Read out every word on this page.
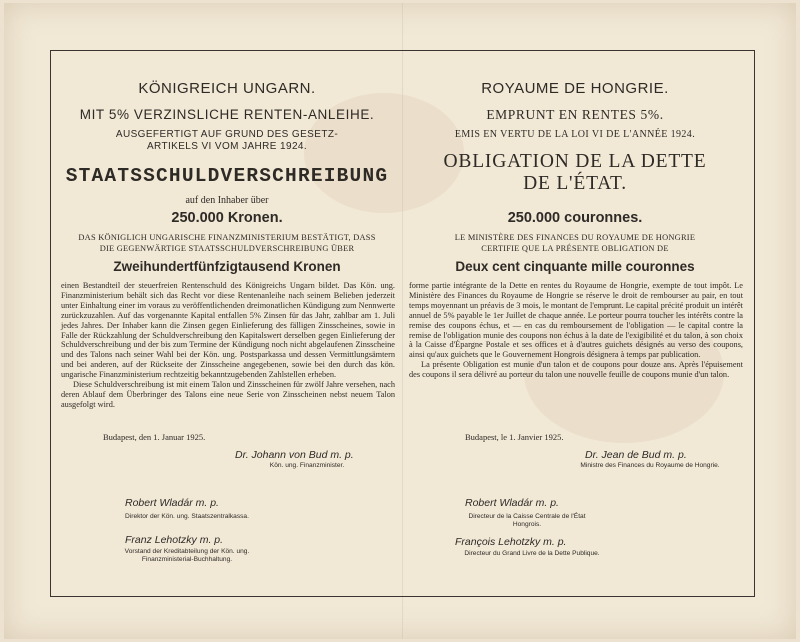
KÖNIGREICH UNGARN.
MIT 5% VERZINSLICHE RENTEN-ANLEIHE.
AUSGEFERTIGT AUF GRUND DES GESETZ-
ARTIKELS VI VOM JAHRE 1924.
STAATSSCHULDVERSCHREIBUNG
auf den Inhaber über
250.000 Kronen.
DAS KÖNIGLICH UNGARISCHE FINANZMINISTERIUM BESTÄTIGT, DASS
DIE GEGENWÄRTIGE STAATSSCHULDVERSCHREIBUNG ÜBER
Zweihundertfünfzigtausend Kronen

einen Bestandteil der steuerfreien Rentenschuld des Königreichs Ungarn bildet. Das Kön. ung. Finanzministerium behält sich das Recht vor diese Rentenanleihe nach seinem Belieben jederzeit unter Einhaltung einer im voraus zu veröffentlichenden dreimonatlichen Kündigung zum Nennwerte zurückzuzahlen. Auf das vorgenannte Kapital entfallen 5% Zinsen für das Jahr, zahlbar am 1. Juli jedes Jahres. Der Inhaber kann die Zinsen gegen Einlieferung des fälligen Zinsscheines, sowie in Falle der Rückzahlung der Schuldverschreibung den Kapitalswert derselben gegen Einlieferung der Schuldverschreibung und der bis zum Termine der Kündigung noch nicht abgelaufenen Zinsscheine und des Talons nach seiner Wahl bei der Kön. ung. Postsparkassa und dessen Vermittlungsämtern und bei anderen, auf der Rückseite der Zinsscheine angegebenen, sowie bei den durch das kön. ungarische Finanzministerium rechtzeitig bekanntzugebenden Zahlstellen erheben.

Diese Schuldverschreibung ist mit einem Talon und Zinsscheinen für zwölf Jahre versehen, nach deren Ablauf dem Überbringer des Talons eine neue Serie von Zinsscheinen nebst neuem Talon ausgefolgt wird.

Budapest, den 1. Januar 1925.
Dr. Johann von Bud m. p.
Kön. ung. Finanzminister.
Robert Wladár m. p.
Direktor der Kön. ung. Staatszentralkassa.
Franz Lehotzky m. p.
Vorstand der Kreditabteilung der Kön. ung.
Finanzministerial-Buchhaltung.
ROYAUME DE HONGRIE.
EMPRUNT EN RENTES 5%.
EMIS EN VERTU DE LA LOI VI DE L'ANNÉE 1924.
OBLIGATION DE LA DETTE
DE L'ÉTAT.
250.000 couronnes.
LE MINISTÈRE DES FINANCES DU ROYAUME DE HONGRIE
CERTIFIE QUE LA PRÉSENTE OBLIGATION DE
Deux cent cinquante mille couronnes

forme partie intégrante de la Dette en rentes du Royaume de Hongrie, exempte de tout impôt. Le Ministère des Finances du Royaume de Hongrie se réserve le droit de rembourser au pair, en tout temps moyennant un préavis de 3 mois, le montant de l'emprunt. Le capital précité produit un intérêt annuel de 5% payable le 1er Juillet de chaque année. Le porteur pourra toucher les intérêts contre la remise des coupons échus, et — en cas du remboursement de l'obligation — le capital contre la remise de l'obligation munie des coupons non échus à la date de l'exigibilité et du talon, à son choix à la Caisse d'Épargne Postale et ses offices et à d'autres guichets désignés au verso des coupons, ainsi qu'aux guichets que le Gouvernement Hongrois désignera à temps par publication.

La présente Obligation est munie d'un talon et de coupons pour douze ans. Après l'épuisement des coupons il sera délivré au porteur du talon une nouvelle feuille de coupons munie d'un talon.

Budapest, le 1. Janvier 1925.
Dr. Jean de Bud m. p.
Ministre des Finances du Royaume de Hongrie.
Robert Wladár m. p.
Directeur de la Caisse Centrale de l'État
Hongrois.
François Lehotzky m. p.
Directeur du Grand Livre de la Dette Publique.
